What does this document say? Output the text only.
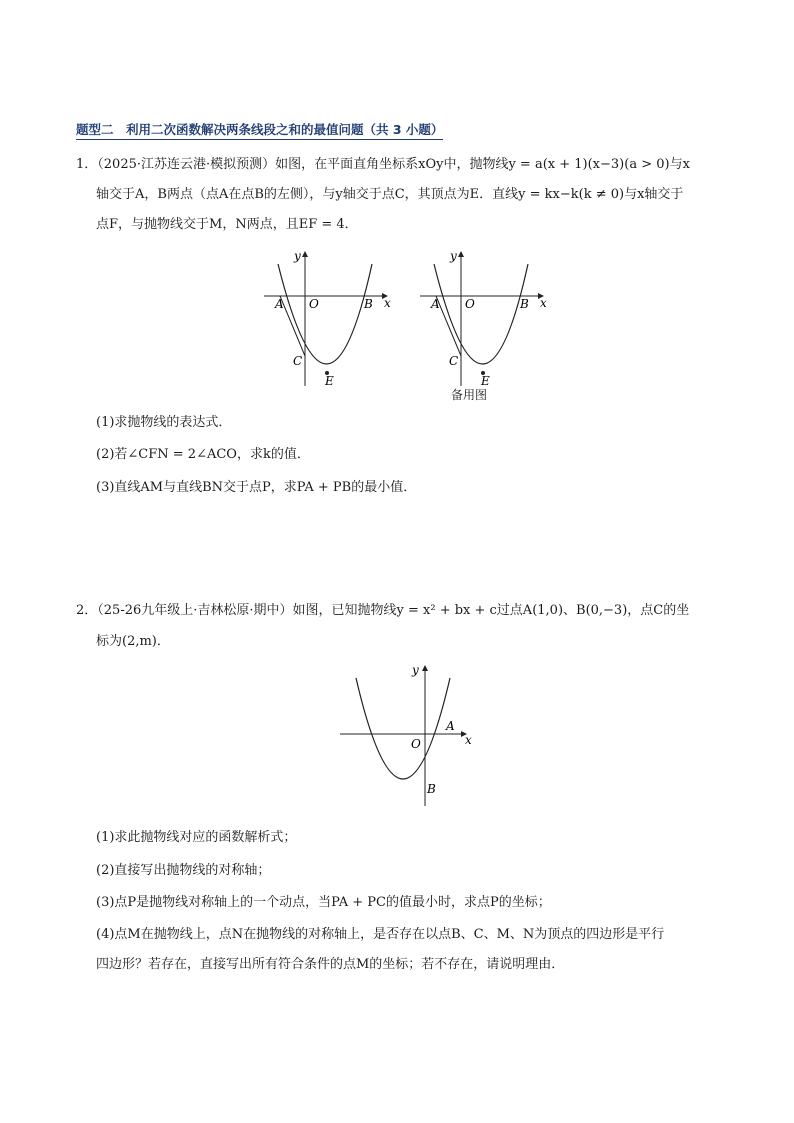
题型二　利用二次函数解决两条线段之和的最值问题（共 3 小题）
1．（2025·江苏连云港·模拟预测）如图，在平面直角坐标系xOy中，抛物线y = a(x + 1)(x−3)(a > 0)与x
轴交于A，B两点（点A在点B的左侧），与y轴交于点C，其顶点为E．直线y = kx−k(k ≠ 0)与x轴交于
点F，与抛物线交于M，N两点，且EF = 4．
y
x
A O	B
C
E
y
x
A O	B
C
E
备用图
(1)求抛物线的表达式．
(2)若∠CFN = 2∠ACO，求k的值．
(3)直线AM与直线BN交于点P，求PA + PB的最小值．
2．（25-26九年级上·吉林松原·期中）如图，已知抛物线y = x² + bx + c过点A(1,0)、B(0,−3)，点C的坐
标为(2,m)．
y
x
A
O
B
(1)求此抛物线对应的函数解析式；
(2)直接写出抛物线的对称轴；
(3)点P是抛物线对称轴上的一个动点，当PA + PC的值最小时，求点P的坐标；
(4)点M在抛物线上，点N在抛物线的对称轴上，是否存在以点B、C、M、N为顶点的四边形是平行
四边形？若存在，直接写出所有符合条件的点M的坐标；若不存在，请说明理由．
